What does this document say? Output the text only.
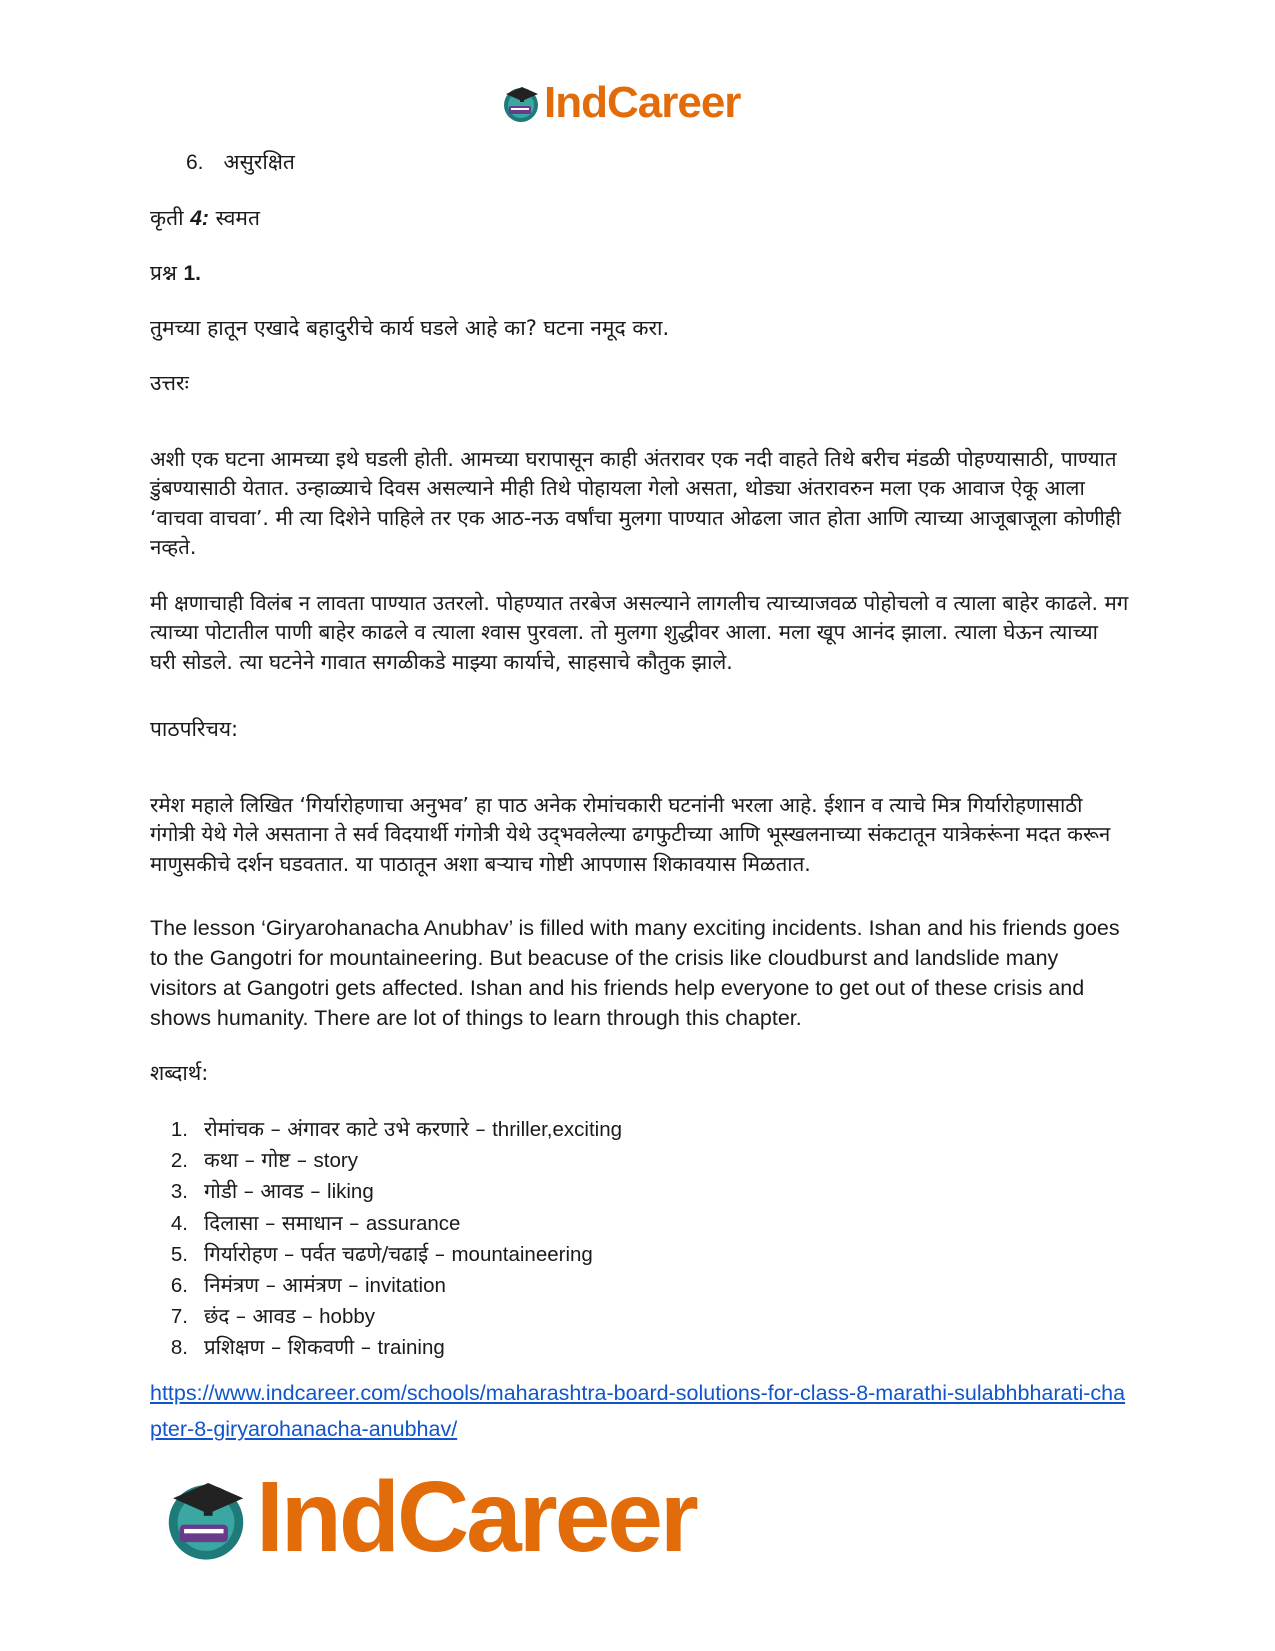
IndCareer
6. असुरक्षित
कृती 4: स्वमत
प्रश्न 1.
तुमच्या हातून एखादे बहादुरीचे कार्य घडले आहे का? घटना नमूद करा.
उत्तरः

अशी एक घटना आमच्या इथे घडली होती. आमच्या घरापासून काही अंतरावर एक नदी वाहते तिथे बरीच मंडळी पोहण्यासाठी, पाण्यात डुंबण्यासाठी येतात. उन्हाळ्याचे दिवस असल्याने मीही तिथे पोहायला गेलो असता, थोड्या अंतरावरुन मला एक आवाज ऐकू आला ‘वाचवा वाचवा’. मी त्या दिशेने पाहिले तर एक आठ-नऊ वर्षांचा मुलगा पाण्यात ओढला जात होता आणि त्याच्या आजूबाजूला कोणीही नव्हते.

मी क्षणाचाही विलंब न लावता पाण्यात उतरलो. पोहण्यात तरबेज असल्याने लागलीच त्याच्याजवळ पोहोचलो व त्याला बाहेर काढले. मग त्याच्या पोटातील पाणी बाहेर काढले व त्याला श्वास पुरवला. तो मुलगा शुद्धीवर आला. मला खूप आनंद झाला. त्याला घेऊन त्याच्या घरी सोडले. त्या घटनेने गावात सगळीकडे माझ्या कार्याचे, साहसाचे कौतुक झाले.

पाठपरिचय:

रमेश महाले लिखित ‘गिर्यारोहणाचा अनुभव’ हा पाठ अनेक रोमांचकारी घटनांनी भरला आहे. ईशान व त्याचे मित्र गिर्यारोहणासाठी गंगोत्री येथे गेले असताना ते सर्व विदयार्थी गंगोत्री येथे उद्‌भवलेल्या ढगफुटीच्या आणि भूस्खलनाच्या संकटातून यात्रेकरूंना मदत करून माणुसकीचे दर्शन घडवतात. या पाठातून अशा बऱ्याच गोष्टी आपणास शिकावयास मिळतात.

The lesson ‘Giryarohanacha Anubhav’ is filled with many exciting incidents. Ishan and his friends goes to the Gangotri for mountaineering. But beacuse of the crisis like cloudburst and landslide many visitors at Gangotri gets affected. Ishan and his friends help everyone to get out of these crisis and shows humanity. There are lot of things to learn through this chapter.

शब्दार्थ:
1. रोमांचक – अंगावर काटे उभे करणारे – thriller,exciting
2. कथा – गोष्ट – story
3. गोडी – आवड – liking
4. दिलासा – समाधान – assurance
5. गिर्यारोहण – पर्वत चढणे/चढाई – mountaineering
6. निमंत्रण – आमंत्रण – invitation
7. छंद – आवड – hobby
8. प्रशिक्षण – शिकवणी – training
https://www.indcareer.com/schools/maharashtra-board-solutions-for-class-8-marathi-sulabhbharati-chapter-8-giryarohanacha-anubhav/
IndCareer
